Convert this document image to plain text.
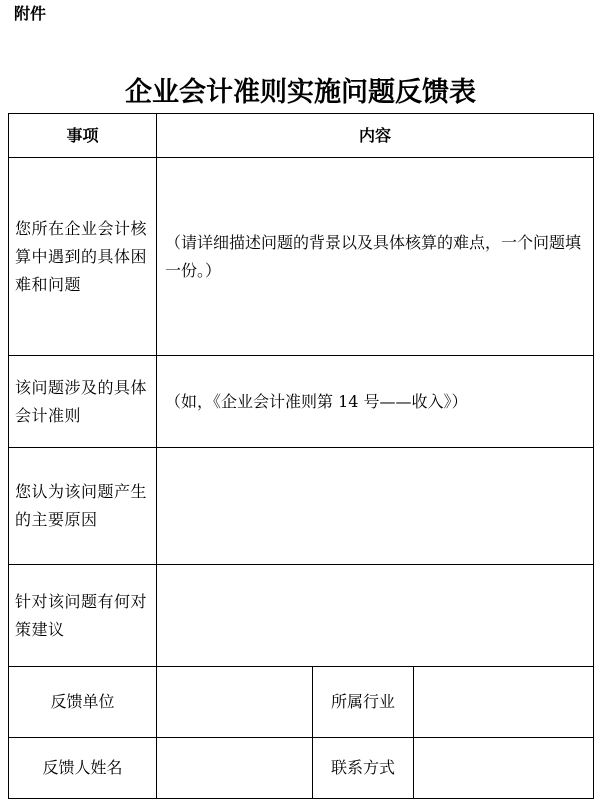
附件
企业会计准则实施问题反馈表
事项	内容		
您所在企业会计核算中遇到的具体困难和问题	（请详细描述问题的背景以及具体核算的难点，一个问题填一份。）		
该问题涉及的具体会计准则	（如，《企业会计准则第 14 号——收入》）		
您认为该问题产生的主要原因			
针对该问题有何对策建议			
反馈单位		所属行业	
反馈人姓名		联系方式	
